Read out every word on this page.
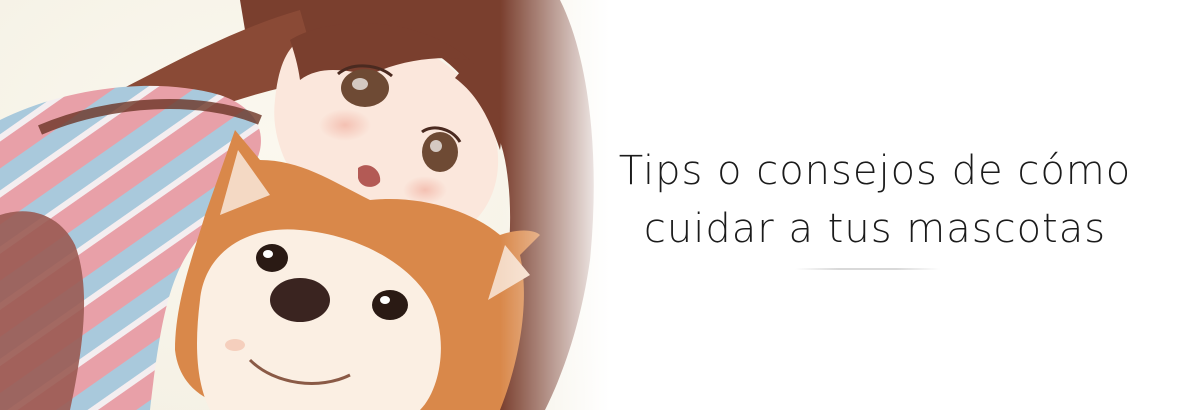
Tips o consejos de cómo
cuidar a tus mascotas
